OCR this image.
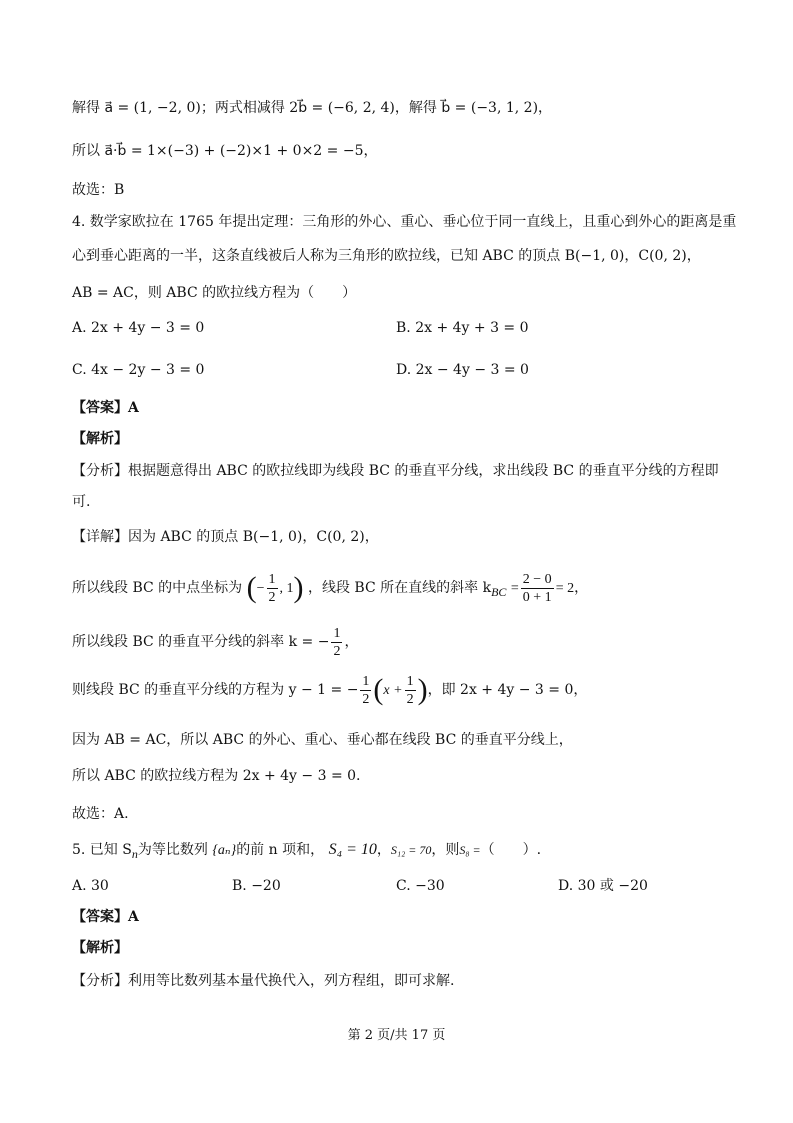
解得 a⃗ = (1, −2, 0)；两式相减得 2b⃗ = (−6, 2, 4)，解得 b⃗ = (−3, 1, 2)，
所以 a⃗·b⃗ = 1×(−3) + (−2)×1 + 0×2 = −5，
故选：B
4. 数学家欧拉在 1765 年提出定理：三角形的外心、重心、垂心位于同一直线上，且重心到外心的距离是重
心到垂心距离的一半，这条直线被后人称为三角形的欧拉线，已知 ABC 的顶点 B(−1, 0)，C(0, 2)，
AB = AC，则 ABC 的欧拉线方程为（　　）
A. 2x + 4y − 3 = 0	B. 2x + 4y + 3 = 0
C. 4x − 2y − 3 = 0	D. 2x − 4y − 3 = 0
【答案】A
【解析】
【分析】根据题意得出 ABC 的欧拉线即为线段 BC 的垂直平分线，求出线段 BC 的垂直平分线的方程即
可.
【详解】因为 ABC 的顶点 B(−1, 0)，C(0, 2)，
所以线段 BC 的中点坐标为 (− $\frac{1}{2}$ , 1) ，线段 BC 所在直线的斜率 $k_{BC} = \frac{2 - 0}{0 + 1} = 2$，
所以线段 BC 的垂直平分线的斜率 k = − $\frac{1}{2}$ ，
则线段 BC 的垂直平分线的方程为 y − 1 = − $\frac{1}{2} (x + \frac{1}{2}$ )，即 2x + 4y − 3 = 0，
因为 AB = AC，所以 ABC 的外心、重心、垂心都在线段 BC 的垂直平分线上，
所以 ABC 的欧拉线方程为 2x + 4y − 3 = 0.
故选：A.
5. 已知 $S_n$为等比数列 {aₙ}的前 n 项和， S₄ = 10，S₁₂ = 70，则S₈ =（　　）.
A. 30	B. −20	C. −30	D. 30 或 −20
【答案】A
【解析】
【分析】利用等比数列基本量代换代入，列方程组，即可求解.
第 2 页/共 17 页
